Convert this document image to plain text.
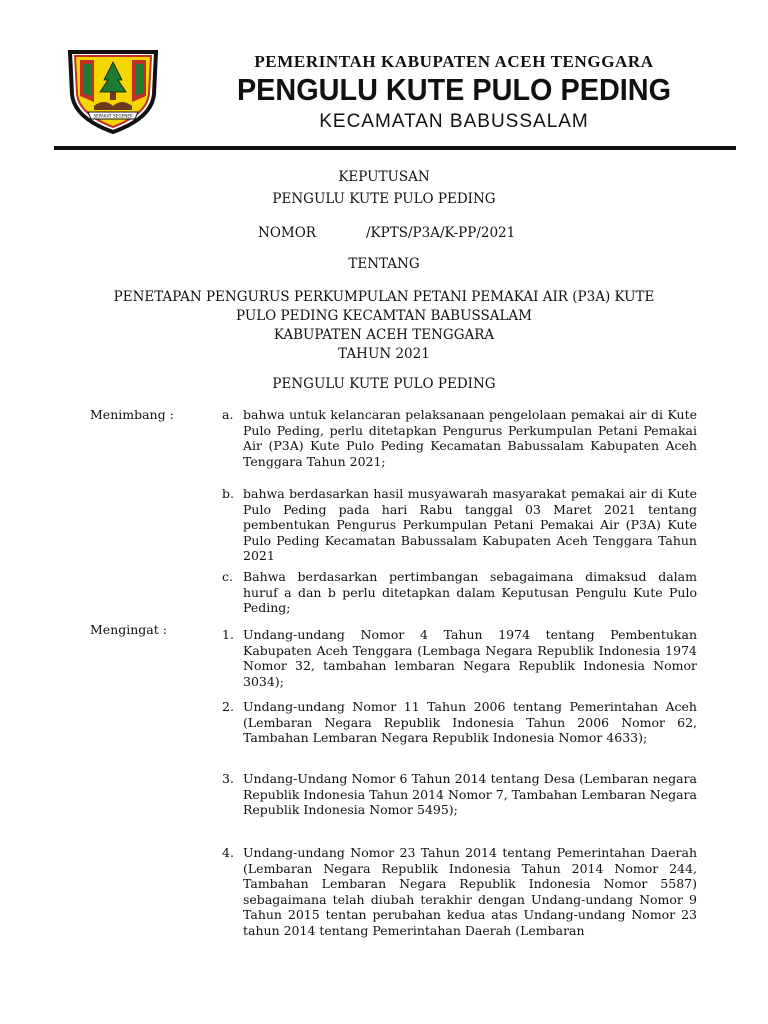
SEPAKAT SEGENEP
PEMERINTAH KABUPATEN ACEH TENGGARA
PENGULU KUTE PULO PEDING
KECAMATAN BABUSSALAM
KEPUTUSAN
PENGULU KUTE PULO PEDING
NOMOR	/KPTS/P3A/K-PP/2021
TENTANG
PENETAPAN PENGURUS PERKUMPULAN PETANI PEMAKAI AIR (P3A) KUTE
PULO PEDING KECAMTAN BABUSSALAM
KABUPATEN ACEH TENGGARA
TAHUN 2021
PENGULU KUTE PULO PEDING
Menimbang :	a. bahwa untuk kelancaran pelaksanaan pengelolaan pemakai air di Kute Pulo Peding, perlu ditetapkan Pengurus Perkumpulan Petani Pemakai Air (P3A) Kute Pulo Peding Kecamatan Babussalam Kabupaten Aceh Tenggara Tahun 2021;
b. bahwa berdasarkan hasil musyawarah masyarakat pemakai air di Kute Pulo Peding pada hari Rabu tanggal 03 Maret 2021 tentang pembentukan Pengurus Perkumpulan Petani Pemakai Air (P3A) Kute Pulo Peding Kecamatan Babussalam Kabupaten Aceh Tenggara Tahun 2021
c. Bahwa berdasarkan pertimbangan sebagaimana dimaksud dalam huruf a dan b perlu ditetapkan dalam Keputusan Pengulu Kute Pulo Peding;
Mengingat :	1. Undang-undang Nomor 4 Tahun 1974 tentang Pembentukan Kabupaten Aceh Tenggara (Lembaga Negara Republik Indonesia 1974 Nomor 32, tambahan lembaran Negara Republik Indonesia Nomor 3034);
2. Undang-undang Nomor 11 Tahun 2006 tentang Pemerintahan Aceh (Lembaran Negara Republik Indonesia Tahun 2006 Nomor 62, Tambahan Lembaran Negara Republik Indonesia Nomor 4633);
3. Undang-Undang Nomor 6 Tahun 2014 tentang Desa (Lembaran negara Republik Indonesia Tahun 2014 Nomor 7, Tambahan Lembaran Negara Republik Indonesia Nomor 5495);
4. Undang-undang Nomor 23 Tahun 2014 tentang Pemerintahan Daerah (Lembaran Negara Republik Indonesia Tahun 2014 Nomor 244, Tambahan Lembaran Negara Republik Indonesia Nomor 5587) sebagaimana telah diubah terakhir dengan Undang-undang Nomor 9 Tahun 2015 tentan perubahan kedua atas Undang-undang Nomor 23 tahun 2014 tentang Pemerintahan Daerah (Lembaran
